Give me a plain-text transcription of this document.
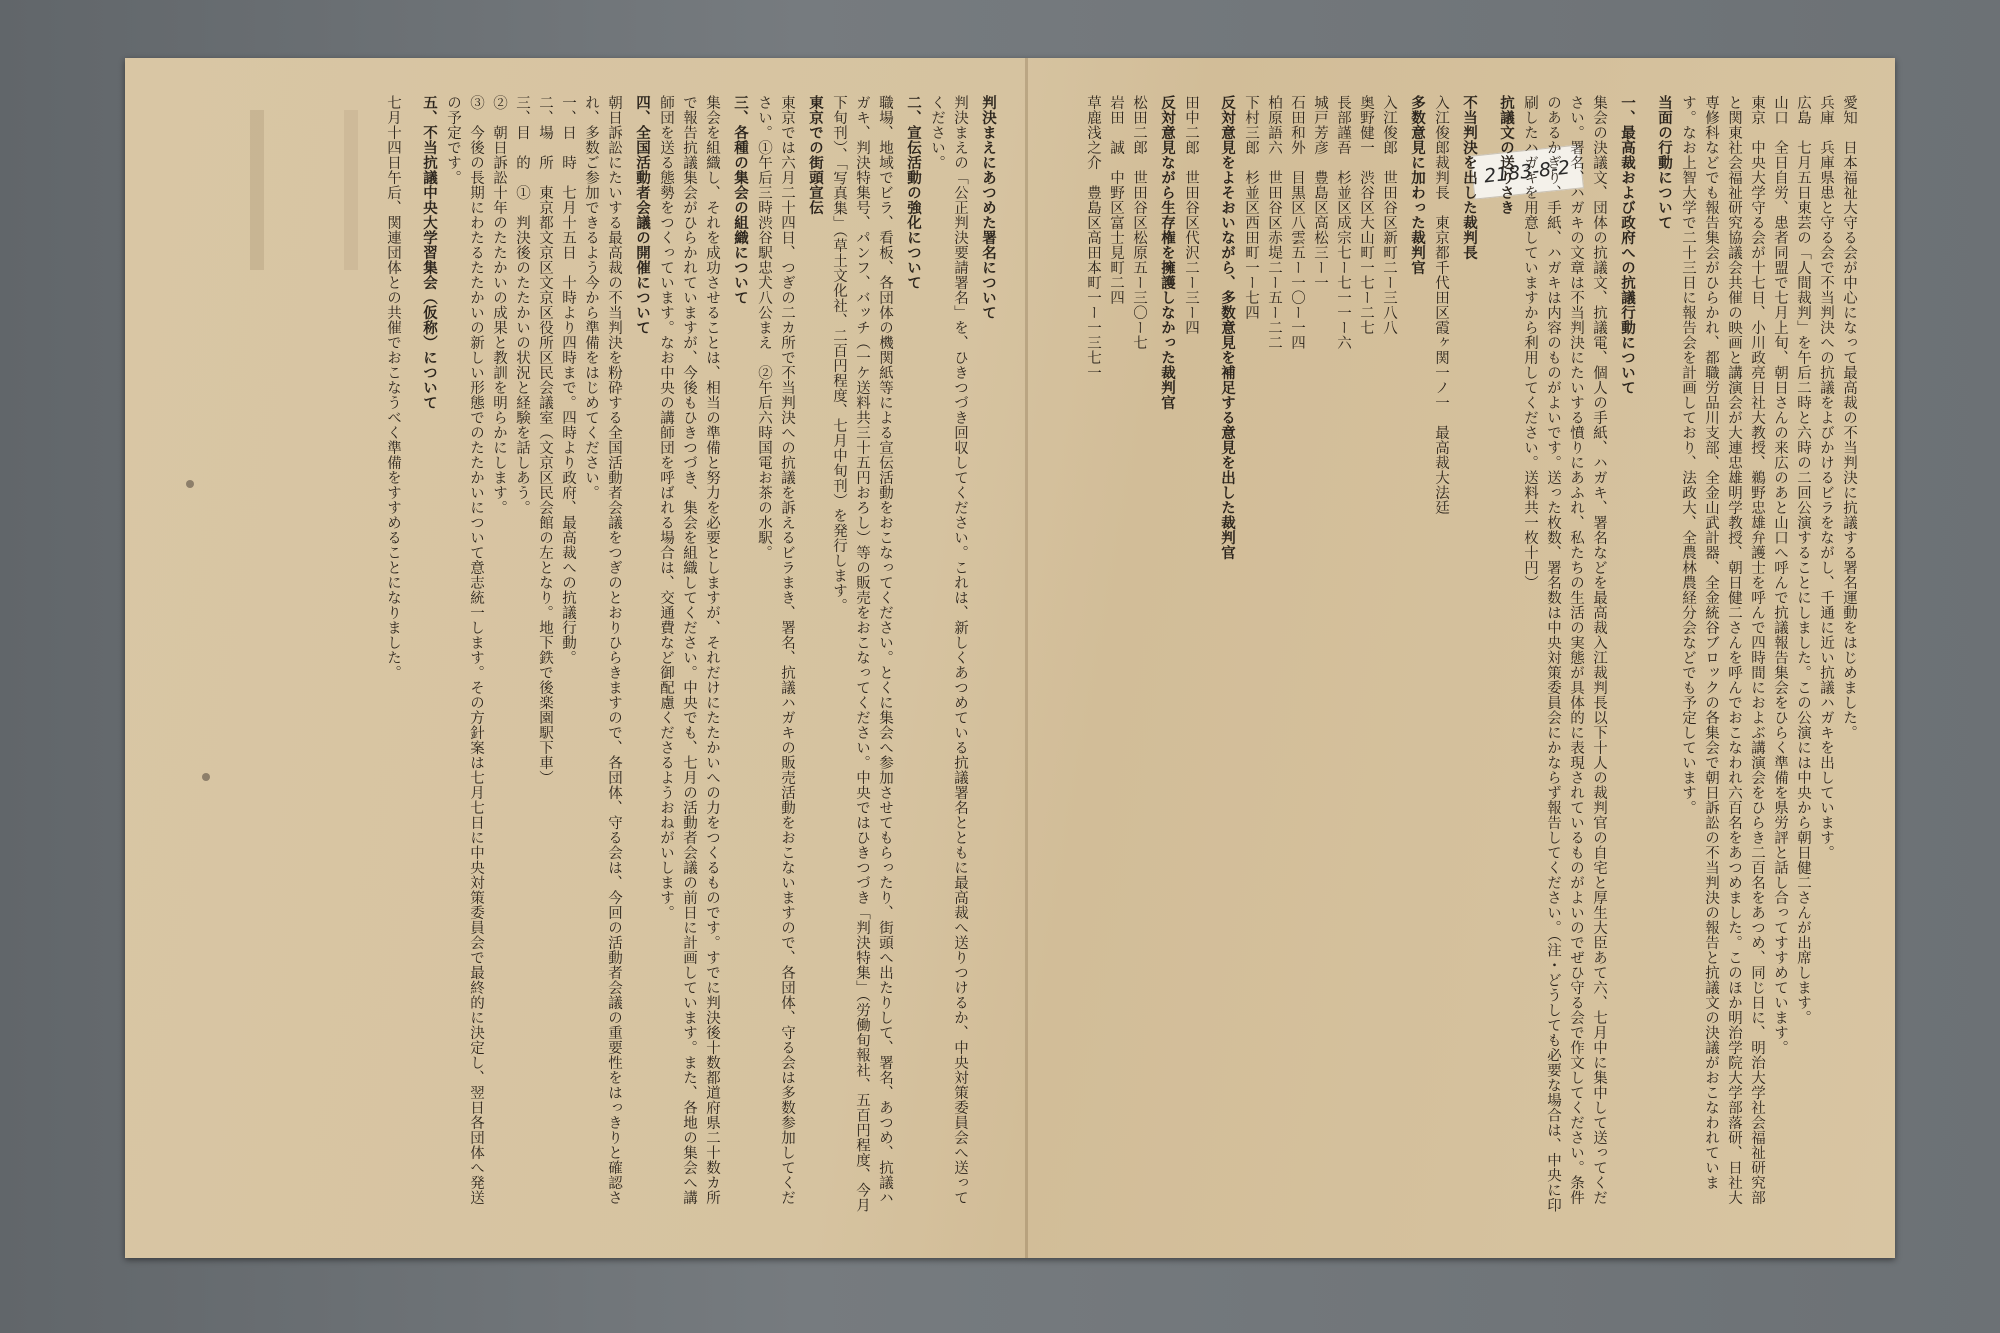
2183-8-2	愛知　日本福祉大守る会が中心になって最高裁の不当判決に抗議する署名運動をはじめました。

兵庫　兵庫県患と守る会で不当判決への抗議をよびかけるビラをながし、千通に近い抗議ハガキを出しています。

広島　七月五日東芸の「人間裁判」を午后二時と六時の二回公演することにしました。この公演には中央から朝日健二さんが出席します。

山口　全日自労、患者同盟で七月上旬、朝日さんの来広のあと山口へ呼んで抗議報告集会をひらく準備を県労評と話し合ってすすめています。

東京　中央大学守る会が十七日、小川政亮日社大教授、鵜野忠雄弁護士を呼んで四時間におよぶ講演会をひらき二百名をあつめ、同じ日に、明治大学社会福祉研究部と関東社会福祉研究協議会共催の映画と講演会が大連忠雄明学教授、朝日健二さんを呼んでおこなわれ六百名をあつめました。このほか明治学院大学部落研、日社大専修科などでも報告集会がひらかれ、都職労品川支部、全金山武計器、全金統谷ブロックの各集会で朝日訴訟の不当判決の報告と抗議文の決議がおこなわれています。なお上智大学で二十三日に報告会を計画しており、法政大、全農林農経分会などでも予定しています。

当面の行動について

一、最高裁および政府への抗議行動について

集会の決議文、団体の抗議文、抗議電、個人の手紙、ハガキ、署名などを最高裁入江裁判長以下十人の裁判官の自宅と厚生大臣あて六、七月中に集中して送ってください。署名、ハガキの文章は不当判決にたいする憤りにあふれ、私たちの生活の実態が具体的に表現されているものがよいのでぜひ守る会で作文してください。条件のあるかぎり、手紙、ハガキは内容のものがよいです。送った枚数、署名数は中央対策委員会にかならず報告してください。（注・どうしても必要な場合は、中央に印刷したハガキを用意していますから利用してください。送料共一枚十円）

抗議文の送りさき

不当判決を出した裁判長

入江俊郎裁判長　東京都千代田区霞ヶ関一ノ一　最高裁大法廷

多数意見に加わった裁判官

入江俊郎　世田谷区新町二ー三八八

奥野健一　渋谷区大山町一七ー二七

長部謹吾　杉並区成宗七ー七一一ー六

城戸芳彦　豊島区高松三ー一

石田和外　目黒区八雲五ー一〇ー一四

柏原語六　世田谷区赤堤二ー五ー二二

下村三郎　杉並区西田町一ー七四

反対意見をよそおいながら、多数意見を補足する意見を出した裁判官

田中二郎　世田谷区代沢二ー三ー四

反対意見ながら生存権を擁護しなかった裁判官

松田二郎　世田谷区松原五ー三〇ー七

岩田　誠　中野区富士見町二四

草鹿浅之介　豊島区高田本町一ー一三七一

判決まえにあつめた署名について

判決まえの「公正判決要請署名」を、ひきつづき回収してください。これは、新しくあつめている抗議署名とともに最高裁へ送りつけるか、中央対策委員会へ送ってください。

二、宣伝活動の強化について

職場、地域でビラ、看板、各団体の機関紙等による宣伝活動をおこなってください。とくに集会へ参加させてもらったり、街頭へ出たりして、署名、あつめ、抗議ハガキ、判決特集号、パンフ、バッチ（一ケ送料共三十五円おろし）等の販売をおこなってください。中央ではひきつづき「判決特集」（労働旬報社、五百円程度、今月下旬刊）、「写真集」（草土文化社、二百円程度、七月中旬刊）を発行します。

東京での街頭宣伝

東京では六月二十四日、つぎの二カ所で不当判決への抗議を訴えるビラまき、署名、抗議ハガキの販売活動をおこないますので、各団体、守る会は多数参加してください。①午后三時渋谷駅忠犬八公まえ　②午后六時国電お茶の水駅。

三、各種の集会の組織について

集会を組織し、それを成功させることは、相当の準備と努力を必要としますが、それだけにたたかいへの力をつくるものです。すでに判決後十数都道府県二十数カ所で報告抗議集会がひらかれていますが、今後もひきつづき、集会を組織してください。中央でも、七月の活動者会議の前日に計画しています。また、各地の集会へ講師団を送る態勢をつくっています。なお中央の講師団を呼ばれる場合は、交通費など御配慮くださるようおねがいします。

四、全国活動者会議の開催について

朝日訴訟にたいする最高裁の不当判決を粉砕する全国活動者会議をつぎのとおりひらきますので、各団体、守る会は、今回の活動者会議の重要性をはっきりと確認され、多数ご参加できるよう今から準備をはじめてください。

一、日　時　七月十五日　十時より四時まで。四時より政府、最高裁への抗議行動。

二、場　所　東京都文京区文京区役所区民会議室（文京区民会館の左となり。地下鉄で後楽園駅下車）

三、目　的　①　判決後のたたかいの状況と経験を話しあう。

②　朝日訴訟十年のたたかいの成果と教訓を明らかにします。

③　今後の長期にわたるたたかいの新しい形態でのたたかいについて意志統一します。その方針案は七月七日に中央対策委員会で最終的に決定し、翌日各団体へ発送の予定です。

五、不当抗議中央大学習集会（仮称）について

七月十四日午后、関連団体との共催でおこなうべく準備をすすめることになりました。
